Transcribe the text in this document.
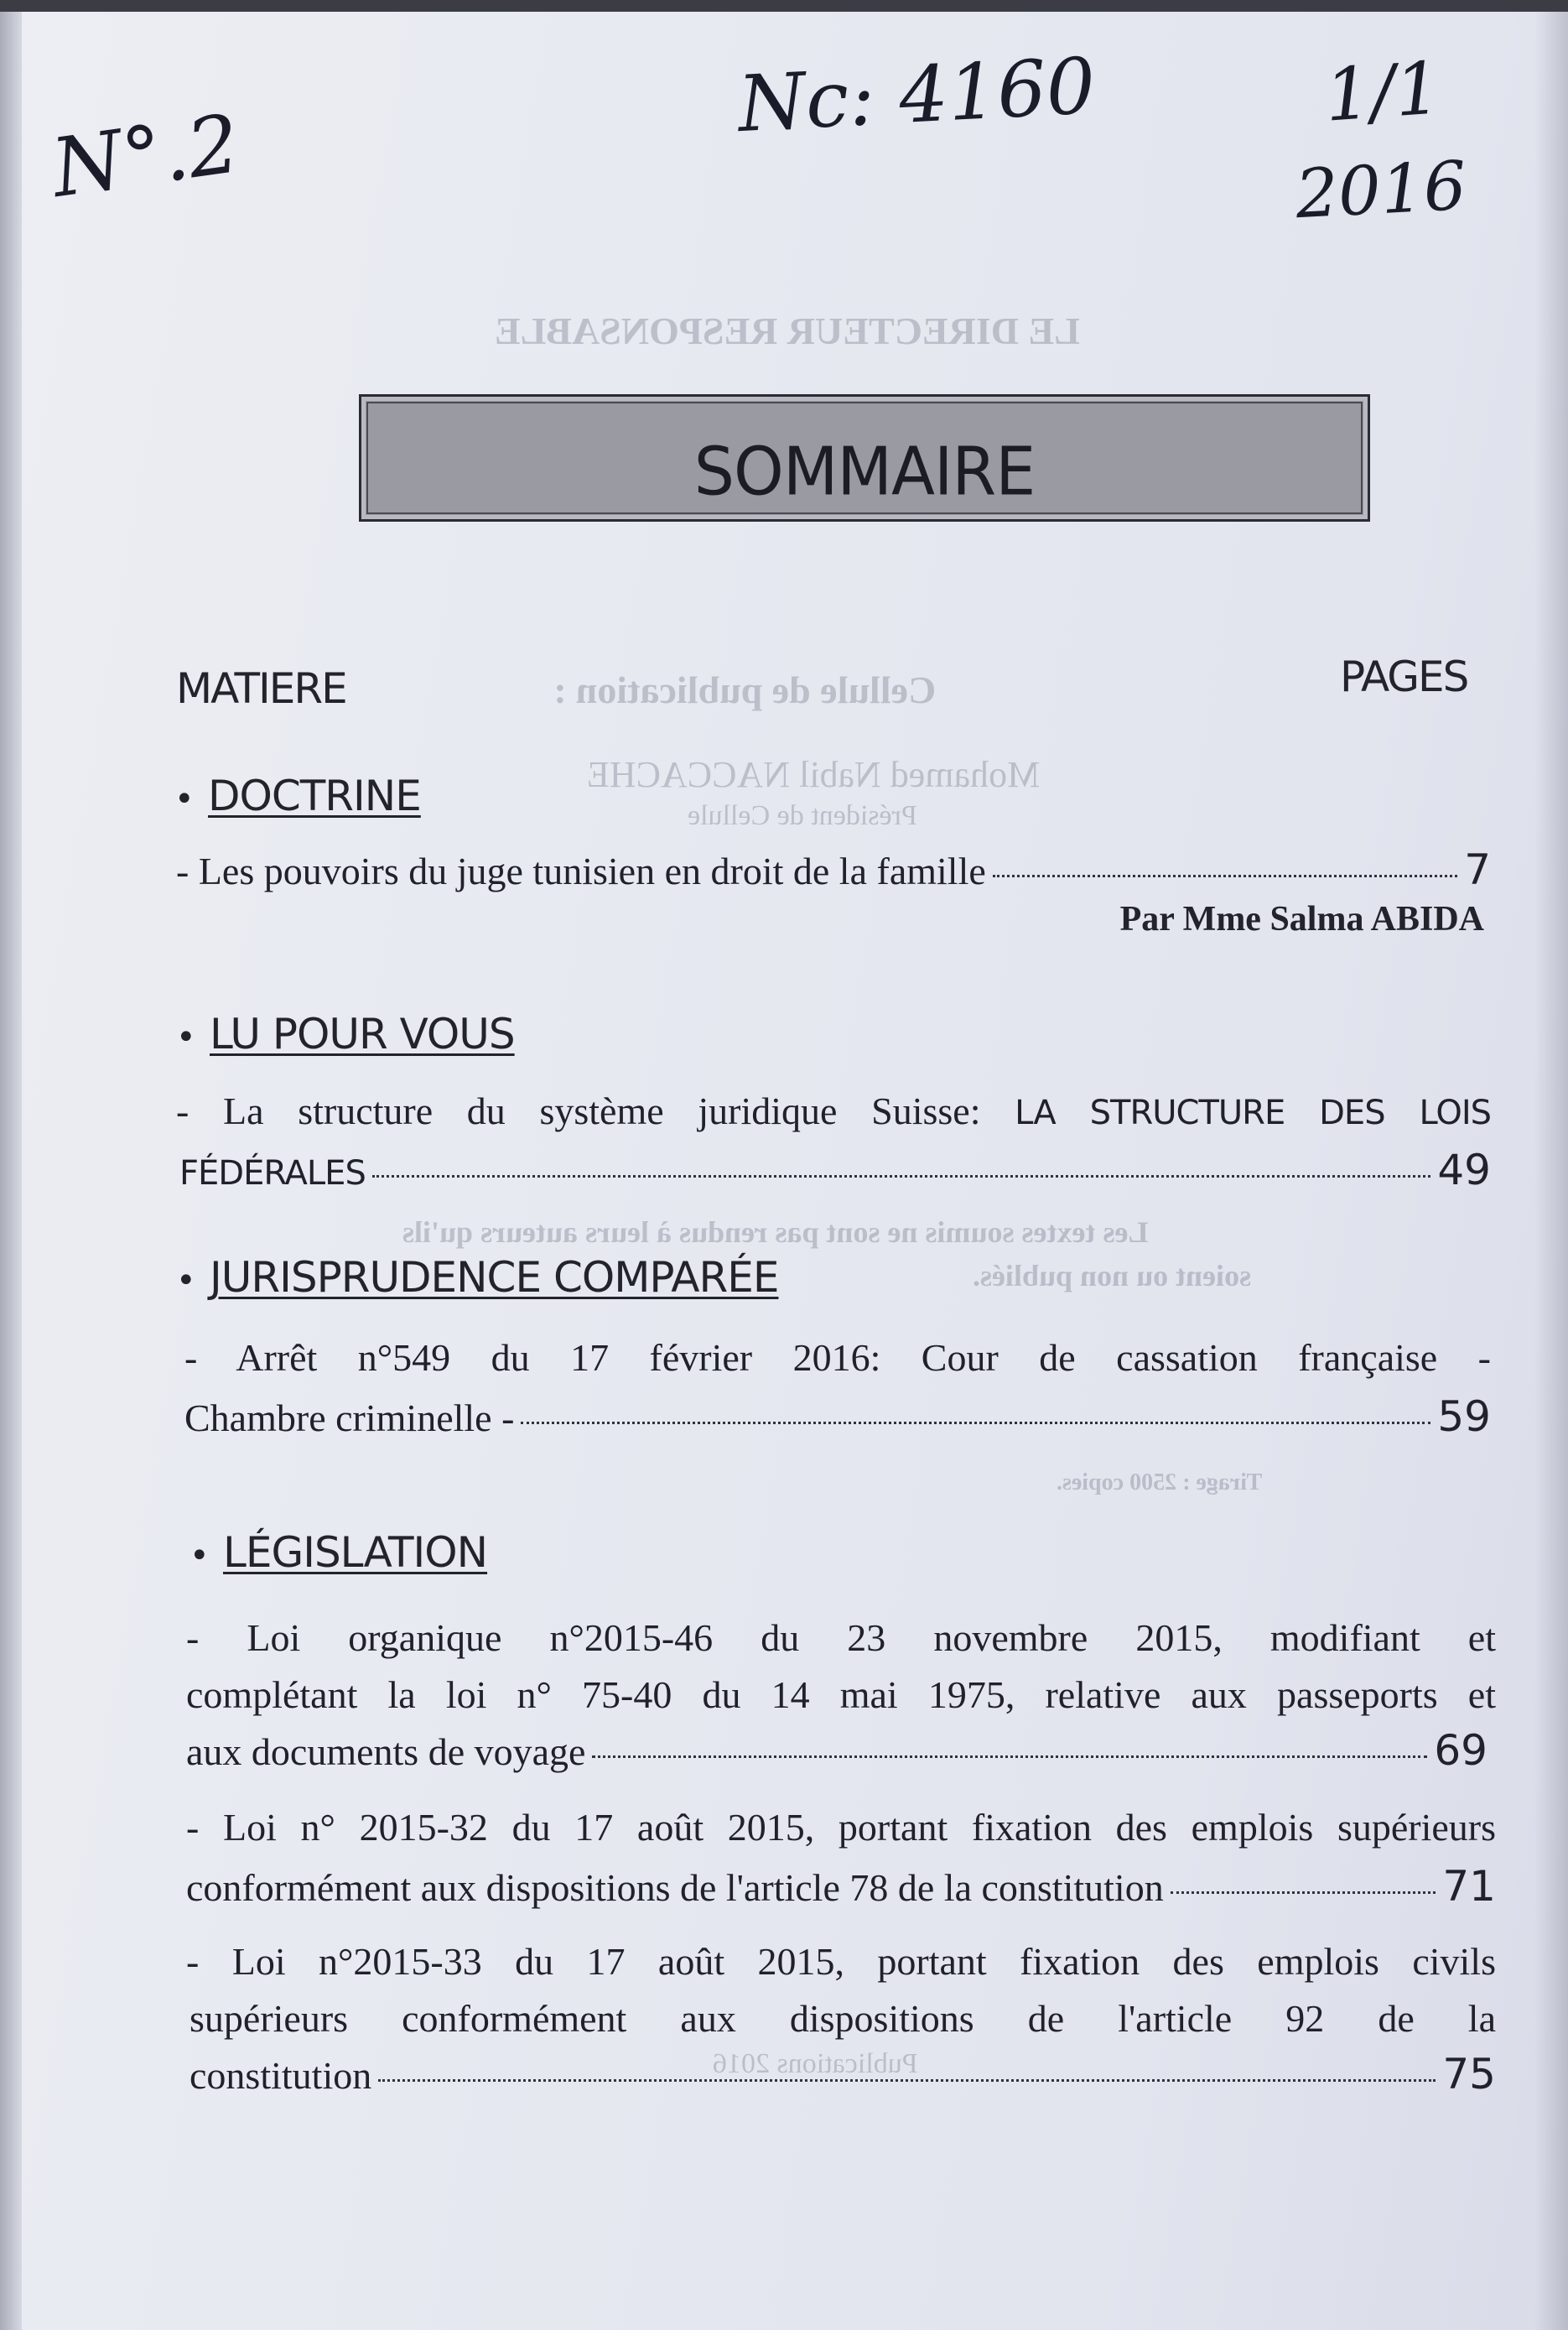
N°.2
Nc: 4160	1/1
2016
LE DIRECTEUR RESPONSABLE
Cellule de publication :
Mohamed Nabil NACCACHE
Président de Cellule
Les textes soumis ne sont pas rendus à leurs auteurs qu'ils
soient ou non publiés.
Tirage : 2500 copies.
Publications 2016
SOMMAIRE
MATIERE	PAGES
• DOCTRINE
- Les pouvoirs du juge tunisien en droit de la famille	7
Par Mme Salma ABIDA
• LU POUR VOUS
- La structure du système juridique Suisse: LA STRUCTURE DES LOIS
FÉDÉRALES	49
• JURISPRUDENCE COMPARÉE
- Arrêt n°549 du 17 février 2016: Cour de cassation française -
Chambre criminelle -	59
• LÉGISLATION
- Loi organique n°2015-46 du 23 novembre 2015, modifiant et
complétant la loi n° 75-40 du 14 mai 1975, relative aux passeports et
aux documents de voyage	69
- Loi n° 2015-32 du 17 août 2015, portant fixation des emplois supérieurs
conformément aux dispositions de l'article 78 de la constitution	71
- Loi n°2015-33 du 17 août 2015, portant fixation des emplois civils
supérieurs conformément aux dispositions de l'article 92 de la
constitution	75
